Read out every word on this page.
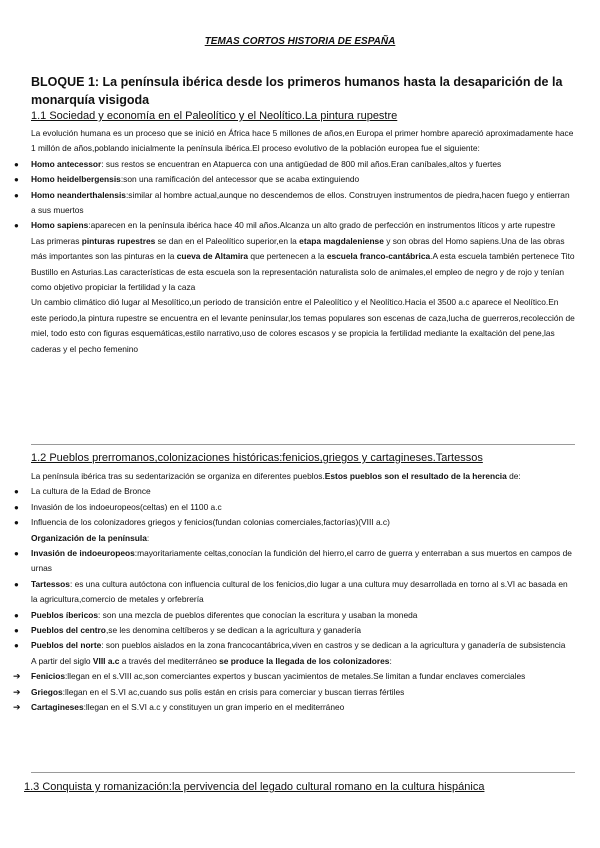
TEMAS CORTOS HISTORIA DE ESPAÑA
BLOQUE 1: La península ibérica desde los primeros humanos hasta la desaparición de la monarquía visigoda
1.1 Sociedad y economía en el Paleolítico y el Neolítico.La pintura rupestre

La evolución humana es un proceso que se inició en África hace 5 millones de años,en Europa el primer hombre apareció aproximadamente hace 1 millón de años,poblando inicialmente la península ibérica.El proceso evolutivo de la población europea fue el siguiente:

● Homo antecessor: sus restos se encuentran en Atapuerca con una antigüedad de 800 mil años.Eran caníbales,altos y fuertes
● Homo heidelbergensis:son una ramificación del antecessor que se acaba extinguiendo
● Homo neanderthalensis:similar al hombre actual,aunque no descendemos de ellos. Construyen instrumentos de piedra,hacen fuego y entierran a sus muertos
● Homo sapiens:aparecen en la península ibérica hace 40 mil años.Alcanza un alto grado de perfección en instrumentos líticos y arte rupestre

Las primeras pinturas rupestres se dan en el Paleolítico superior,en la etapa magdaleniense y son obras del Homo sapiens.Una de las obras más importantes son las pinturas en la cueva de Altamira que pertenecen a la escuela franco-cantábrica.A esta escuela también pertenece Tito Bustillo en Asturias.Las características de esta escuela son la representación naturalista solo de animales,el empleo de negro y de rojo y tenían como objetivo propiciar la fertilidad y la caza

Un cambio climático dió lugar al Mesolítico,un periodo de transición entre el Paleolítico y el Neolítico.Hacia el 3500 a.c aparece el Neolítico.En este periodo,la pintura rupestre se encuentra en el levante peninsular,los temas populares son escenas de caza,lucha de guerreros,recolección de miel, todo esto con figuras esquemáticas,estilo narrativo,uso de colores escasos y se propicia la fertilidad mediante la exaltación del pene,las caderas y el pecho femenino

1.2 Pueblos prerromanos,colonizaciones históricas:fenicios,griegos y cartagineses.Tartessos

La península ibérica tras su sedentarización se organiza en diferentes pueblos.Estos pueblos son el resultado de la herencia de:

● La cultura de la Edad de Bronce
● Invasión de los indoeuropeos(celtas) en el 1100 a.c
● Influencia de los colonizadores griegos y fenicios(fundan colonias comerciales,factorías)(VIII a.c)

Organización de la península:

● Invasión de indoeuropeos:mayoritariamente celtas,conocían la fundición del hierro,el carro de guerra y enterraban a sus muertos en campos de urnas
● Tartessos: es una cultura autóctona con influencia cultural de los fenicios,dio lugar a una cultura muy desarrollada en torno al s.VI ac basada en la agricultura,comercio de metales y orfebrería
● Pueblos íbericos: son una mezcla de pueblos diferentes que conocían la escritura y usaban la moneda
● Pueblos del centro,se les denomina celtíberos y se dedican a la agricultura y ganadería
● Pueblos del norte: son pueblos aislados en la zona francocantábrica,viven en castros y se dedican a la agricultura y ganadería de subsistencia

A partir del siglo VIII a.c a través del mediterráneo se produce la llegada de los colonizadores:

➔ Fenicios:llegan en el s.VIII ac,son comerciantes expertos y buscan yacimientos de metales.Se limitan a fundar enclaves comerciales
➔ Griegos:llegan en el S.VI ac,cuando sus polis están en crisis para comerciar y buscan tierras fértiles
➔ Cartagineses:llegan en el S.VI a.c y constituyen un gran imperio en el mediterráneo
1.3 Conquista y romanización:la pervivencia del legado cultural romano en la cultura hispánica
